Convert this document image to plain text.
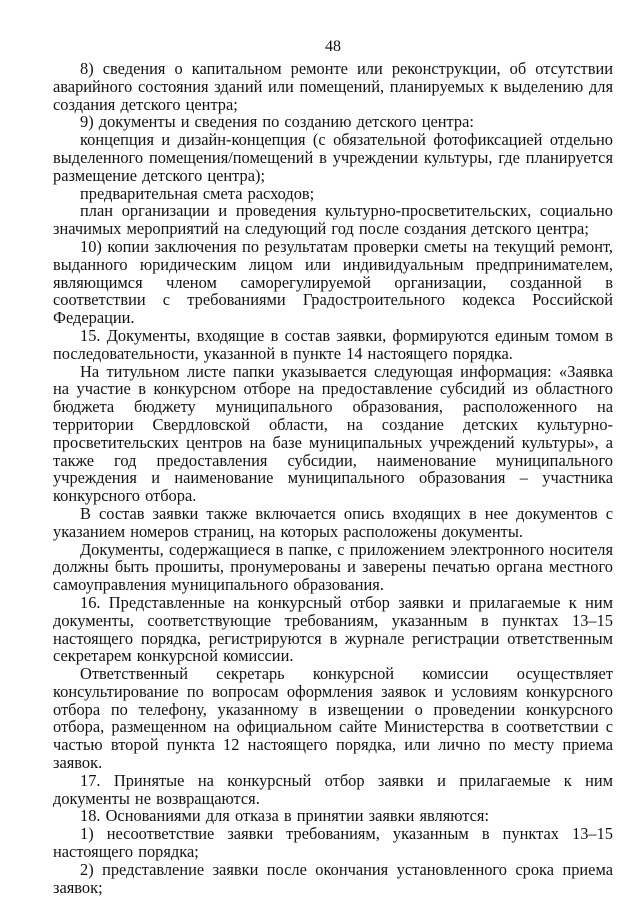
48

8) сведения о капитальном ремонте или реконструкции, об отсутствии аварийного состояния зданий или помещений, планируемых к выделению для создания детского центра;

9) документы и сведения по созданию детского центра:

концепция и дизайн-концепция (с обязательной фотофиксацией отдельно выделенного помещения/помещений в учреждении культуры, где планируется размещение детского центра);

предварительная смета расходов;

план организации и проведения культурно-просветительских, социально значимых мероприятий на следующий год после создания детского центра;

10) копии заключения по результатам проверки сметы на текущий ремонт, выданного юридическим лицом или индивидуальным предпринимателем, являющимся членом саморегулируемой организации, созданной в соответствии с требованиями Градостроительного кодекса Российской Федерации.

15. Документы, входящие в состав заявки, формируются единым томом в последовательности, указанной в пункте 14 настоящего порядка.

На титульном листе папки указывается следующая информация: «Заявка на участие в конкурсном отборе на предоставление субсидий из областного бюджета бюджету муниципального образования, расположенного на территории Свердловской области, на создание детских культурно-просветительских центров на базе муниципальных учреждений культуры», а также год предоставления субсидии, наименование муниципального учреждения и наименование муниципального образования – участника конкурсного отбора.

В состав заявки также включается опись входящих в нее документов с указанием номеров страниц, на которых расположены документы.

Документы, содержащиеся в папке, с приложением электронного носителя должны быть прошиты, пронумерованы и заверены печатью органа местного самоуправления муниципального образования.

16. Представленные на конкурсный отбор заявки и прилагаемые к ним документы, соответствующие требованиям, указанным в пунктах 13–15 настоящего порядка, регистрируются в журнале регистрации ответственным секретарем конкурсной комиссии.

Ответственный секретарь конкурсной комиссии осуществляет консультирование по вопросам оформления заявок и условиям конкурсного отбора по телефону, указанному в извещении о проведении конкурсного отбора, размещенном на официальном сайте Министерства в соответствии с частью второй пункта 12 настоящего порядка, или лично по месту приема заявок.

17. Принятые на конкурсный отбор заявки и прилагаемые к ним документы не возвращаются.

18. Основаниями для отказа в принятии заявки являются:

1) несоответствие заявки требованиям, указанным в пунктах 13–15 настоящего порядка;

2) представление заявки после окончания установленного срока приема заявок;
